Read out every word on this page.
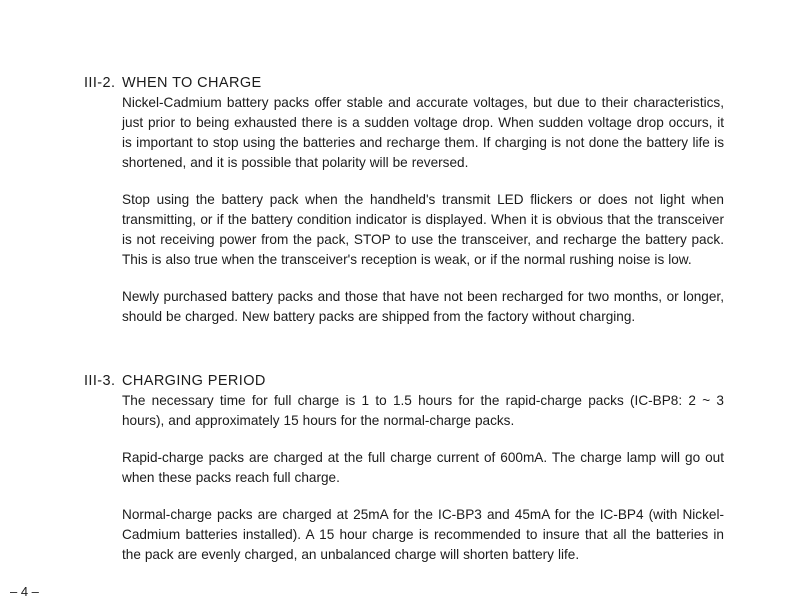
III-2. WHEN TO CHARGE

Nickel-Cadmium battery packs offer stable and accurate voltages, but due to their characteristics, just prior to being exhausted there is a sudden voltage drop. When sudden voltage drop occurs, it is important to stop using the batteries and recharge them. If charging is not done the battery life is shortened, and it is possible that polarity will be reversed.

Stop using the battery pack when the handheld's transmit LED flickers or does not light when transmitting, or if the battery condition indicator is displayed. When it is obvious that the transceiver is not receiving power from the pack, STOP to use the transceiver, and recharge the battery pack. This is also true when the transceiver's reception is weak, or if the normal rushing noise is low.

Newly purchased battery packs and those that have not been recharged for two months, or longer, should be charged. New battery packs are shipped from the factory without charging.

III-3. CHARGING PERIOD

The necessary time for full charge is 1 to 1.5 hours for the rapid-charge packs (IC-BP8: 2 ~ 3 hours), and approximately 15 hours for the normal-charge packs.

Rapid-charge packs are charged at the full charge current of 600mA. The charge lamp will go out when these packs reach full charge.

Normal-charge packs are charged at 25mA for the IC-BP3 and 45mA for the IC-BP4 (with Nickel-Cadmium batteries installed). A 15 hour charge is recommended to insure that all the batteries in the pack are evenly charged, an unbalanced charge will shorten battery life.

– 4 –
